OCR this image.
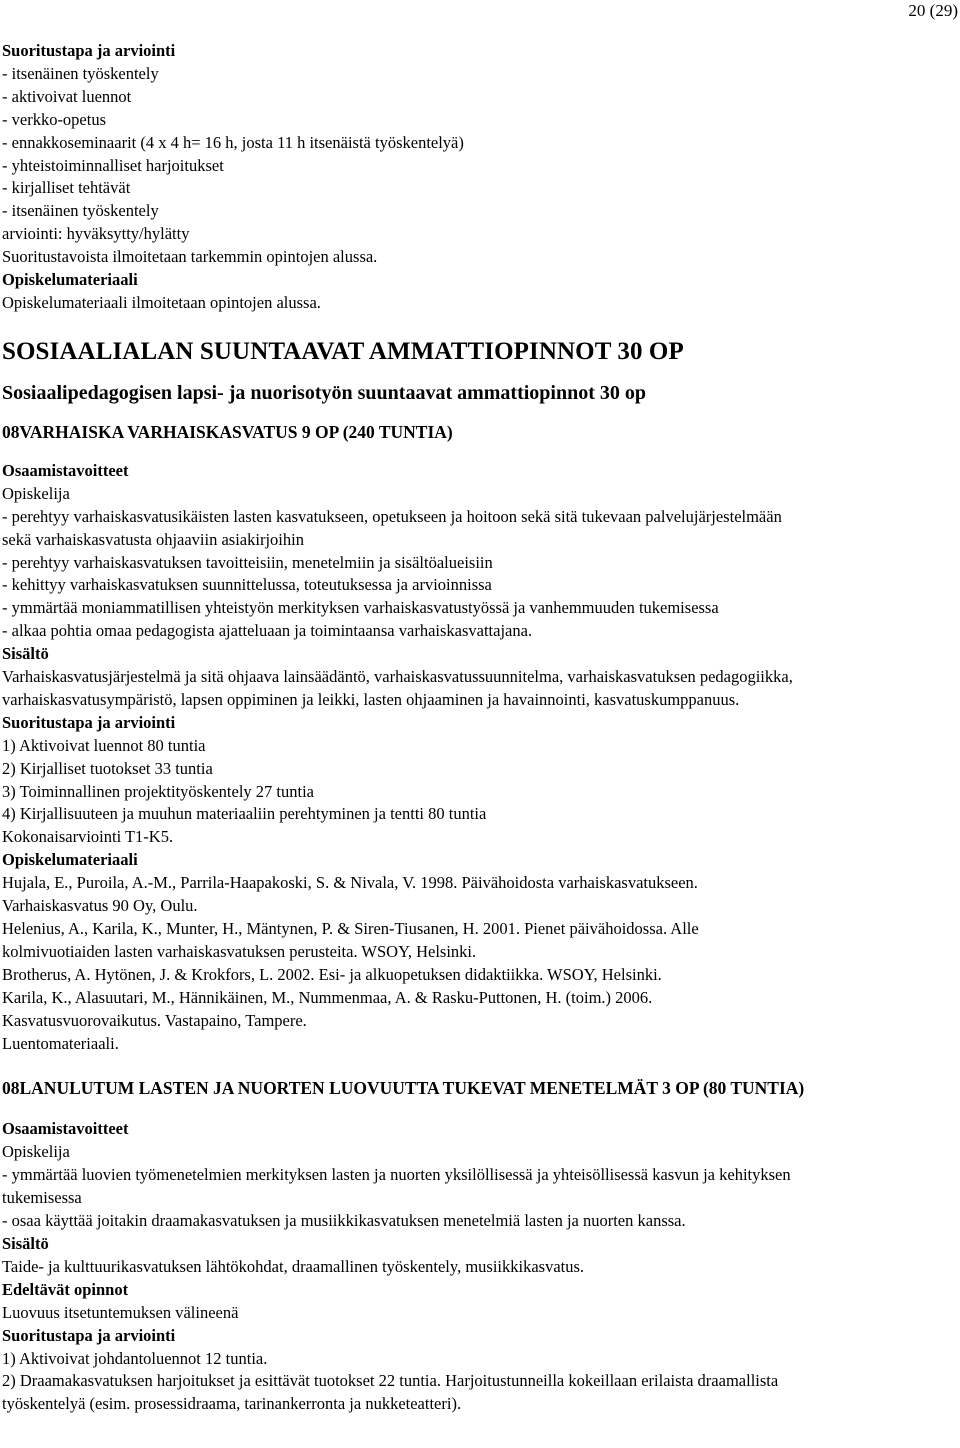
20 (29)
Suoritustapa ja arviointi
- itsenäinen työskentely
- aktivoivat luennot
- verkko-opetus
- ennakkoseminaarit (4 x 4 h= 16 h, josta 11 h itsenäistä työskentelyä)
- yhteistoiminnalliset harjoitukset
- kirjalliset tehtävät
- itsenäinen työskentely
arviointi: hyväksytty/hylätty
Suoritustavoista ilmoitetaan tarkemmin opintojen alussa.
Opiskelumateriaali
Opiskelumateriaali ilmoitetaan opintojen alussa.
SOSIAALIALAN SUUNTAAVAT AMMATTIOPINNOT 30 OP
Sosiaalipedagogisen lapsi- ja nuorisotyön suuntaavat ammattiopinnot 30 op
08VARHAISKA VARHAISKASVATUS 9 OP (240 TUNTIA)
Osaamistavoitteet
Opiskelija
- perehtyy varhaiskasvatusikäisten lasten kasvatukseen, opetukseen ja hoitoon sekä sitä tukevaan palvelujärjestelmään
sekä varhaiskasvatusta ohjaaviin asiakirjoihin
- perehtyy varhaiskasvatuksen tavoitteisiin, menetelmiin ja sisältöalueisiin
- kehittyy varhaiskasvatuksen suunnittelussa, toteutuksessa ja arvioinnissa
- ymmärtää moniammatillisen yhteistyön merkityksen varhaiskasvatustyössä ja vanhemmuuden tukemisessa
- alkaa pohtia omaa pedagogista ajatteluaan ja toimintaansa varhaiskasvattajana.
Sisältö
Varhaiskasvatusjärjestelmä ja sitä ohjaava lainsäädäntö, varhaiskasvatussuunnitelma, varhaiskasvatuksen pedagogiikka,
varhaiskasvatusympäristö, lapsen oppiminen ja leikki, lasten ohjaaminen ja havainnointi, kasvatuskumppanuus.
Suoritustapa ja arviointi
1) Aktivoivat luennot 80 tuntia
2) Kirjalliset tuotokset 33 tuntia
3) Toiminnallinen projektityöskentely 27 tuntia
4) Kirjallisuuteen ja muuhun materiaaliin perehtyminen ja tentti 80 tuntia
Kokonaisarviointi T1-K5.
Opiskelumateriaali
Hujala, E., Puroila, A.-M., Parrila-Haapakoski, S. & Nivala, V. 1998. Päivähoidosta varhaiskasvatukseen.
Varhaiskasvatus 90 Oy, Oulu.
Helenius, A., Karila, K., Munter, H., Mäntynen, P. & Siren-Tiusanen, H. 2001. Pienet päivähoidossa. Alle
kolmivuotiaiden lasten varhaiskasvatuksen perusteita. WSOY, Helsinki.
Brotherus, A. Hytönen, J. & Krokfors, L. 2002. Esi- ja alkuopetuksen didaktiikka. WSOY, Helsinki.
Karila, K., Alasuutari, M., Hännikäinen, M., Nummenmaa, A. & Rasku-Puttonen, H. (toim.) 2006.
Kasvatusvuorovaikutus. Vastapaino, Tampere.
Luentomateriaali.
08LANULUTUM LASTEN JA NUORTEN LUOVUUTTA TUKEVAT MENETELMÄT 3 OP (80 TUNTIA)
Osaamistavoitteet
Opiskelija
- ymmärtää luovien työmenetelmien merkityksen lasten ja nuorten yksilöllisessä ja yhteisöllisessä kasvun ja kehityksen
tukemisessa
- osaa käyttää joitakin draamakasvatuksen ja musiikkikasvatuksen menetelmiä lasten ja nuorten kanssa.
Sisältö
Taide- ja kulttuurikasvatuksen lähtökohdat, draamallinen työskentely, musiikkikasvatus.
Edeltävät opinnot
Luovuus itsetuntemuksen välineenä
Suoritustapa ja arviointi
1) Aktivoivat johdantoluennot 12 tuntia.
2) Draamakasvatuksen harjoitukset ja esittävät tuotokset 22 tuntia. Harjoitustunneilla kokeillaan erilaista draamallista
työskentelyä (esim. prosessidraama, tarinankerronta ja nukketeatteri).
